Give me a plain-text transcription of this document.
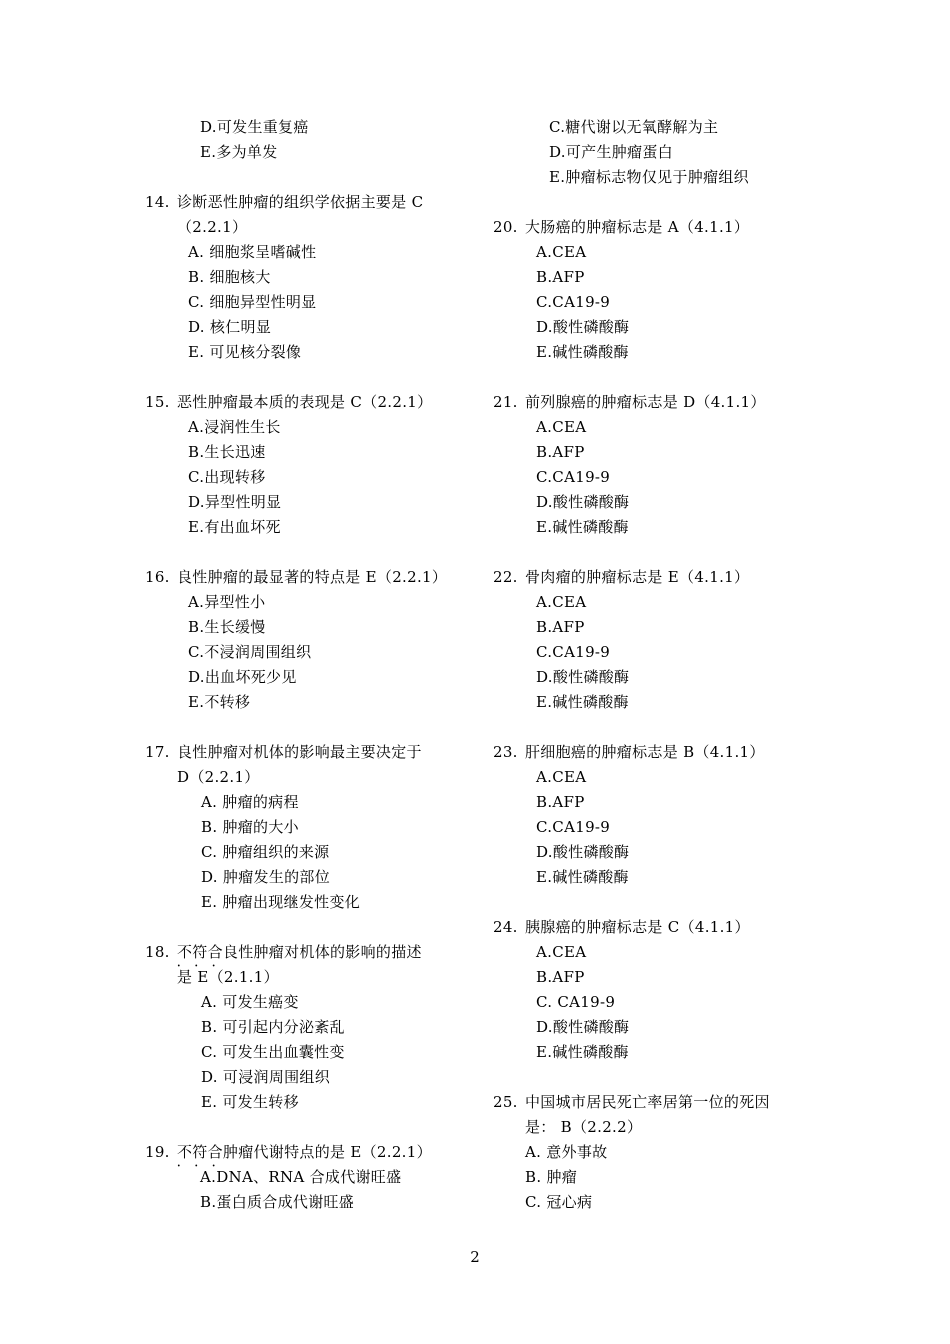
D.可发生重复癌
E.多为单发
14. 诊断恶性肿瘤的组织学依据主要是 C
（2.2.1）
A. 细胞浆呈嗜碱性
B. 细胞核大
C. 细胞异型性明显
D. 核仁明显
E. 可见核分裂像
15. 恶性肿瘤最本质的表现是 C（2.2.1）
A.浸润性生长
B.生长迅速
C.出现转移
D.异型性明显
E.有出血坏死
16. 良性肿瘤的最显著的特点是 E（2.2.1）
A.异型性小
B.生长缓慢
C.不浸润周围组织
D.出血坏死少见
E.不转移
17. 良性肿瘤对机体的影响最主要决定于
D（2.2.1）
A. 肿瘤的病程
B. 肿瘤的大小
C. 肿瘤组织的来源
D. 肿瘤发生的部位
E. 肿瘤出现继发性变化
18. 不符合 • • •良性肿瘤对机体的影响的描述
是 E（2.1.1）
A. 可发生癌变
B. 可引起内分泌紊乱
C. 可发生出血囊性变
D. 可浸润周围组织
E. 可发生转移
19. 不符合 • • •肿瘤代谢特点的是 E（2.2.1）
A.DNA、RNA 合成代谢旺盛
B.蛋白质合成代谢旺盛
C.糖代谢以无氧酵解为主
D.可产生肿瘤蛋白
E.肿瘤标志物仅见于肿瘤组织
20. 大肠癌的肿瘤标志是 A（4.1.1）
A.CEA
B.AFP
C.CA19-9
D.酸性磷酸酶
E.碱性磷酸酶
21. 前列腺癌的肿瘤标志是 D（4.1.1）
A.CEA
B.AFP
C.CA19-9
D.酸性磷酸酶
E.碱性磷酸酶
22. 骨肉瘤的肿瘤标志是 E（4.1.1）
A.CEA
B.AFP
C.CA19-9
D.酸性磷酸酶
E.碱性磷酸酶
23. 肝细胞癌的肿瘤标志是 B（4.1.1）
A.CEA
B.AFP
C.CA19-9
D.酸性磷酸酶
E.碱性磷酸酶
24. 胰腺癌的肿瘤标志是 C（4.1.1）
A.CEA
B.AFP
C. CA19-9
D.酸性磷酸酶
E.碱性磷酸酶
25. 中国城市居民死亡率居第一位的死因
是： B（2.2.2）
A. 意外事故
B. 肿瘤
C. 冠心病
2
